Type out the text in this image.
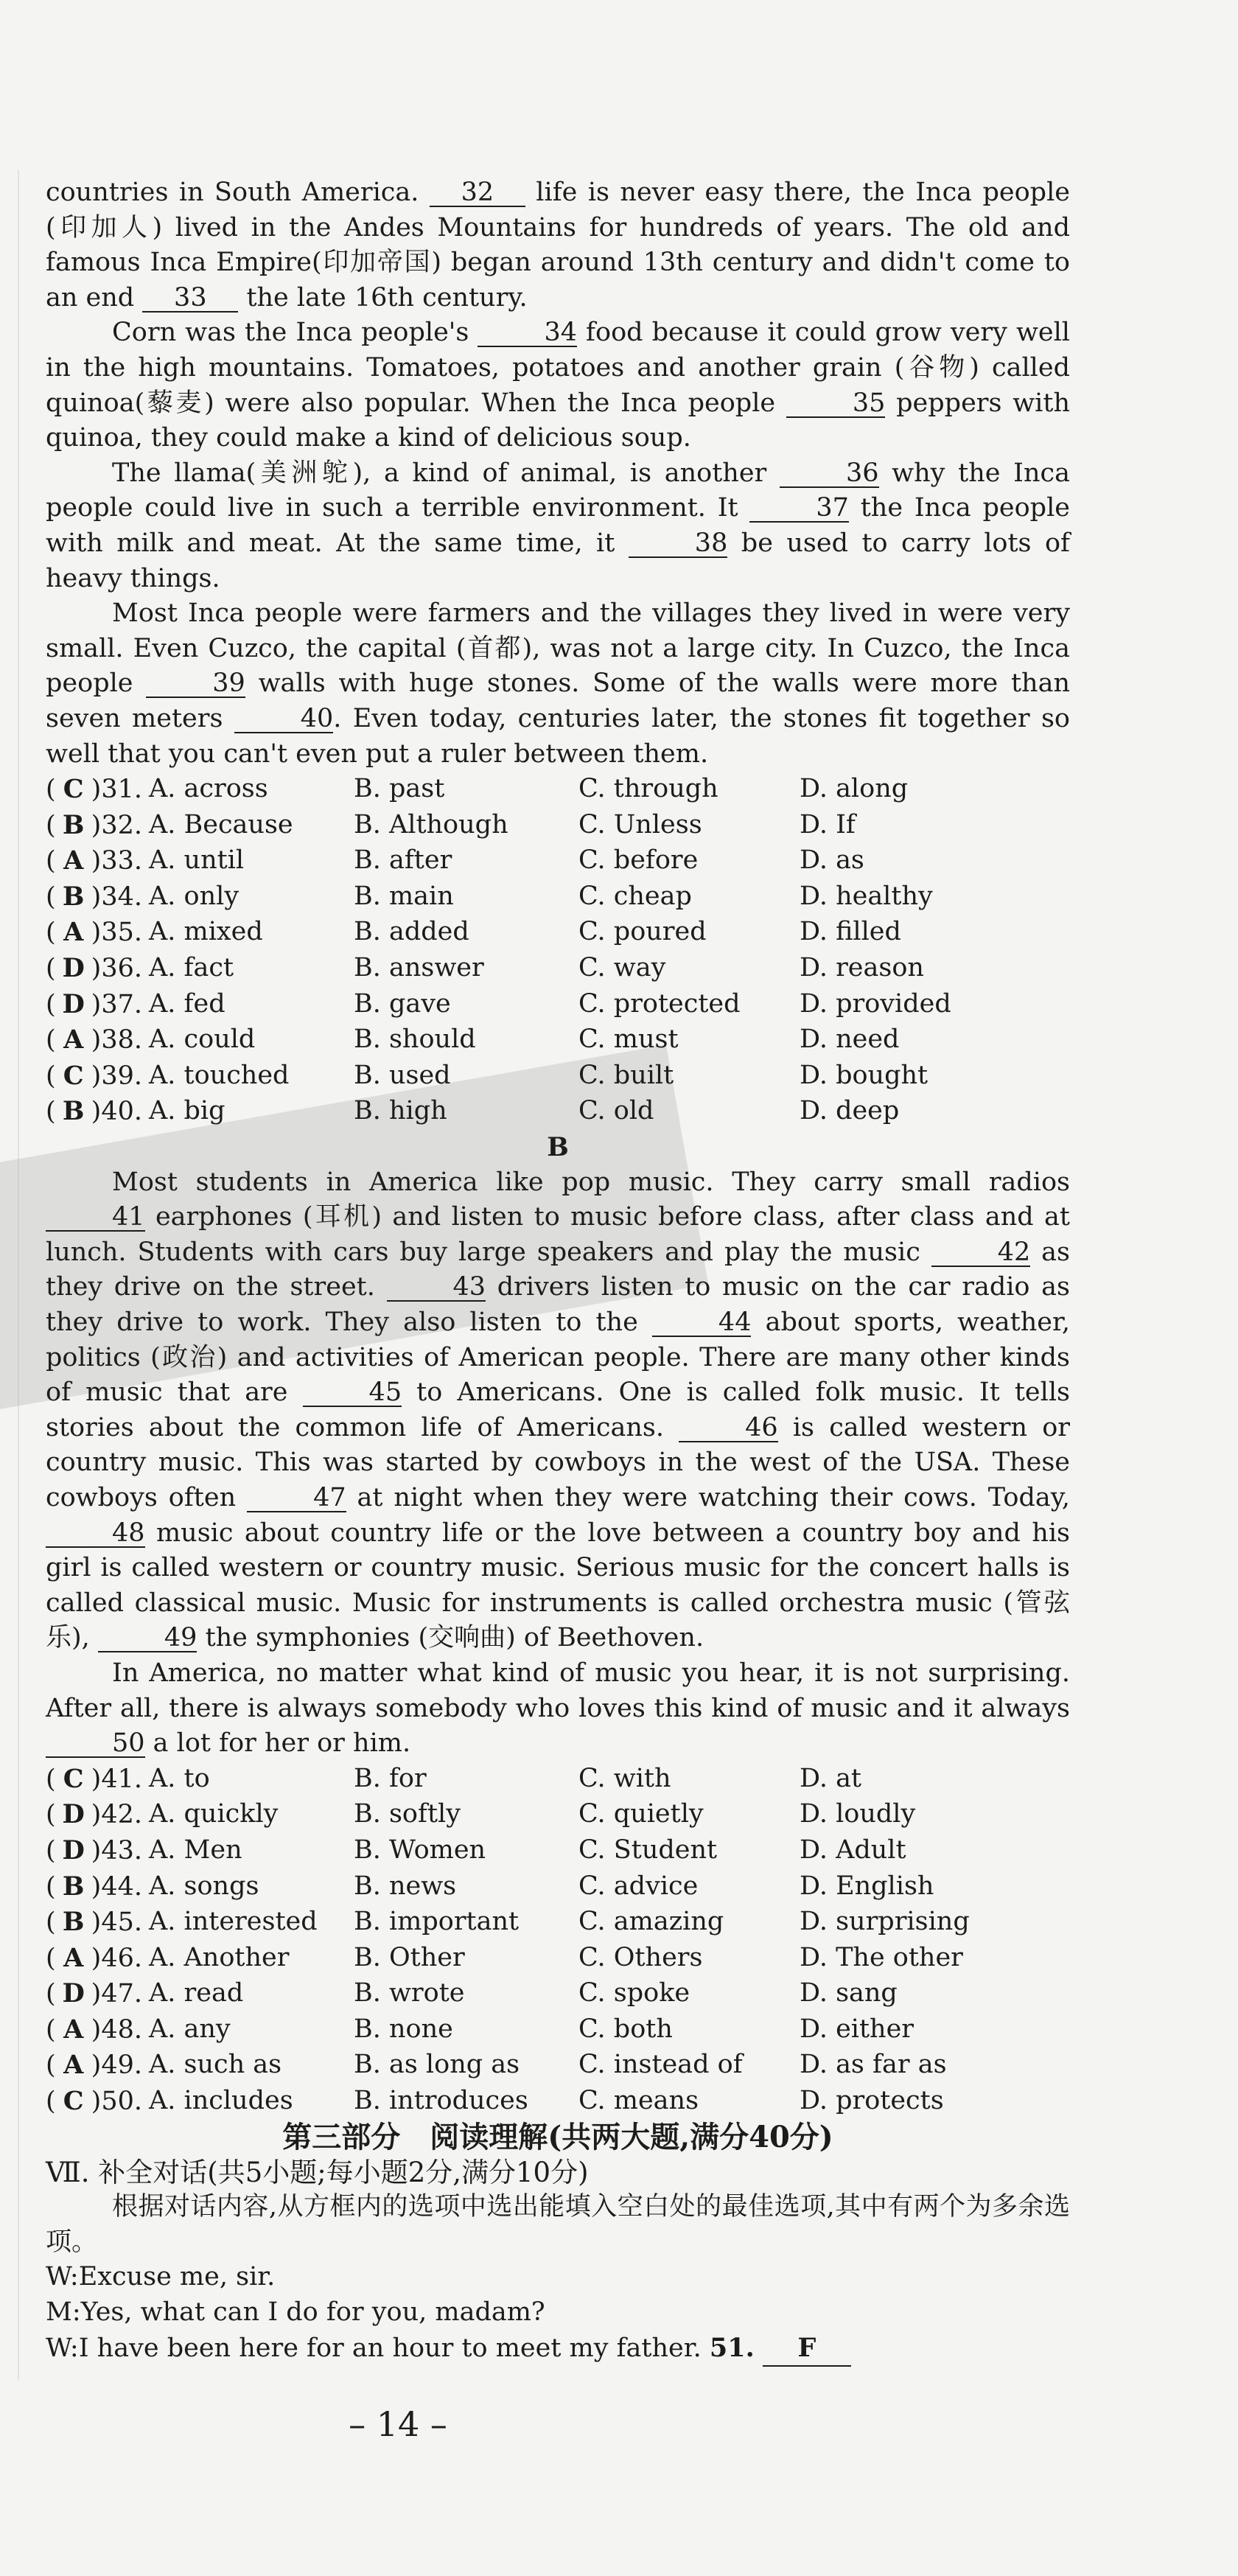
countries in South America. 32 life is never easy there, the Inca people (印加人) lived in the Andes Mountains for hundreds of years. The old and famous Inca Empire(印加帝国) began around 13th century and didn't come to an end 33 the late 16th century.

Corn was the Inca people's	34 food because it could grow very well in the high mountains. Tomatoes, potatoes and another grain (谷物) called quinoa(藜麦) were also popular. When the Inca people	35 peppers with quinoa, they could make a kind of delicious soup.

The llama(美洲鸵), a kind of animal, is another	36 why the Inca people could live in such a terrible environment. It	37 the Inca people with milk and meat. At the same time, it	38 be used to carry lots of heavy things.

Most Inca people were farmers and the villages they lived in were very small. Even Cuzco, the capital (首都), was not a large city. In Cuzco, the Inca people	39 walls with huge stones. Some of the walls were more than seven meters	40. Even today, centuries later, the stones fit together so well that you can't even put a ruler between them.

( C )31. A. across	B. past	C. through	D. along
( B )32. A. Because	B. Although	C. Unless	D. If
( A )33. A. until	B. after	C. before	D. as
( B )34. A. only	B. main	C. cheap	D. healthy
( A )35. A. mixed	B. added	C. poured	D. filled
( D )36. A. fact	B. answer	C. way	D. reason
( D )37. A. fed	B. gave	C. protected	D. provided
( A )38. A. could	B. should	C. must	D. need
( C )39. A. touched	B. used	C. built	D. bought
( B )40. A. big	B. high	C. old	D. deep
B

Most students in America like pop music. They carry small radios 41 earphones (耳机) and listen to music before class, after class and at lunch. Students with cars buy large speakers and play the music	42 as they drive on the street.	43 drivers listen to music on the car radio as they drive to work. They also listen to the	44 about sports, weather, politics (政治) and activities of American people. There are many other kinds of music that are	45 to Americans. One is called folk music. It tells stories about the common life of Americans.	46 is called western or country music. This was started by cowboys in the west of the USA. These cowboys often	47 at night when they were watching their cows. Today, 48 music about country life or the love between a country boy and his girl is called western or country music. Serious music for the concert halls is called classical music. Music for instruments is called orchestra music (管弦乐),	49 the symphonies (交响曲) of Beethoven.

In America, no matter what kind of music you hear, it is not surprising. After all, there is always somebody who loves this kind of music and it always 50 a lot for her or him.

( C )41. A. to	B. for	C. with	D. at
( D )42. A. quickly	B. softly	C. quietly	D. loudly
( D )43. A. Men	B. Women	C. Student	D. Adult
( B )44. A. songs	B. news	C. advice	D. English
( B )45. A. interested	B. important	C. amazing	D. surprising
( A )46. A. Another	B. Other	C. Others	D. The other
( D )47. A. read	B. wrote	C. spoke	D. sang
( A )48. A. any	B. none	C. both	D. either
( A )49. A. such as	B. as long as	C. instead of	D. as far as
( C )50. A. includes	B. introduces	C. means	D. protects
第三部分　阅读理解(共两大题,满分40分)
Ⅶ. 补全对话(共5小题;每小题2分,满分10分)

根据对话内容,从方框内的选项中选出能填入空白处的最佳选项,其中有两个为多余选项。

W:Excuse me, sir.

M:Yes, what can I do for you, madam?

W:I have been here for an hour to meet my father. 51. F

– 14 –
